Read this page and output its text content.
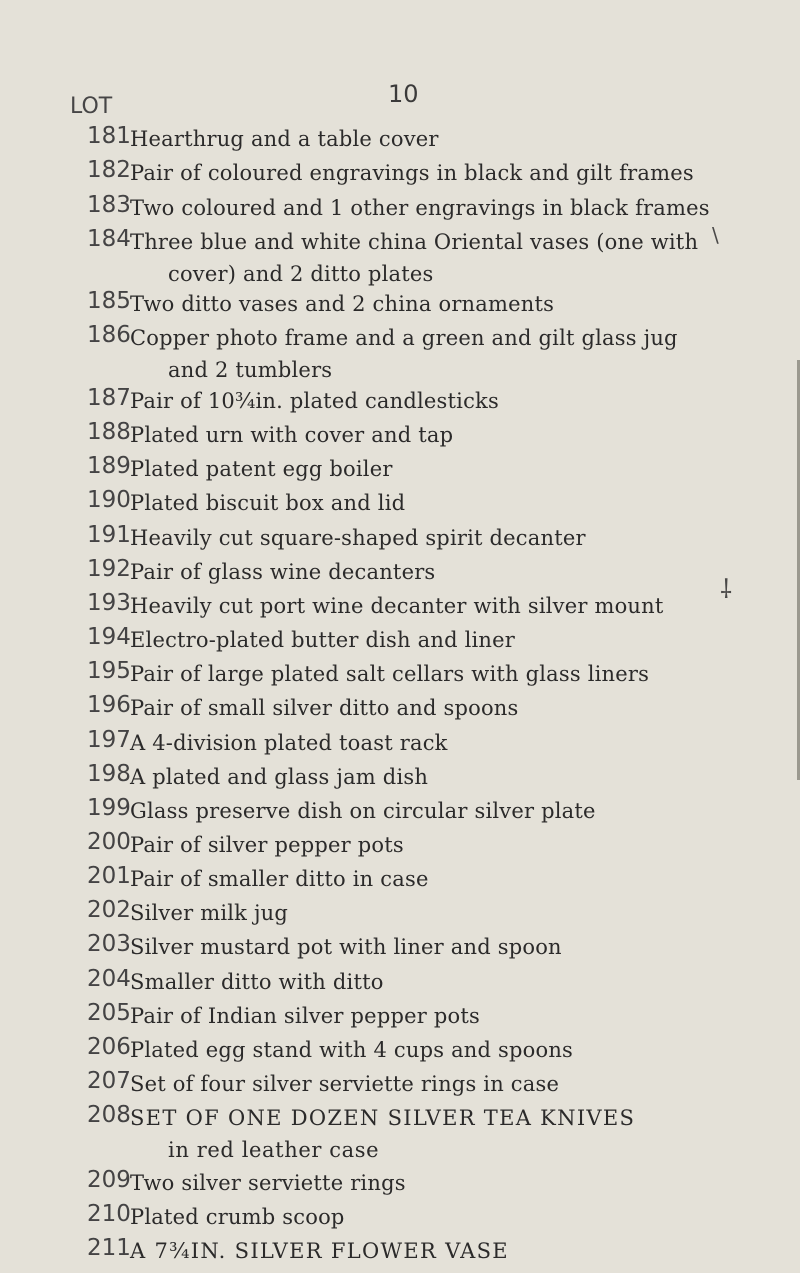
10
LOT
181 Hearthrug and a table cover
182 Pair of coloured engravings in black and gilt frames
183 Two coloured and 1 other engravings in black frames
184 Three blue and white china Oriental vases (one with
cover) and 2 ditto plates
185 Two ditto vases and 2 china ornaments
186 Copper photo frame and a green and gilt glass jug
and 2 tumblers
187 Pair of 10¾in. plated candlesticks
188 Plated urn with cover and tap
189 Plated patent egg boiler
190 Plated biscuit box and lid
191 Heavily cut square-shaped spirit decanter
192 Pair of glass wine decanters
193 Heavily cut port wine decanter with silver mount
194 Electro-plated butter dish and liner
195 Pair of large plated salt cellars with glass liners
196 Pair of small silver ditto and spoons
197 A 4-division plated toast rack
198 A plated and glass jam dish
199 Glass preserve dish on circular silver plate
200 Pair of silver pepper pots
201 Pair of smaller ditto in case
202 Silver milk jug
203 Silver mustard pot with liner and spoon
204 Smaller ditto with ditto
205 Pair of Indian silver pepper pots
206 Plated egg stand with 4 cups and spoons
207 Set of four silver serviette rings in case
208 SET OF ONE DOZEN SILVER TEA KNIVES
in red leather case
209 Two silver serviette rings
210 Plated crumb scoop
211 A 7¾IN. SILVER FLOWER VASE
\
⸸
